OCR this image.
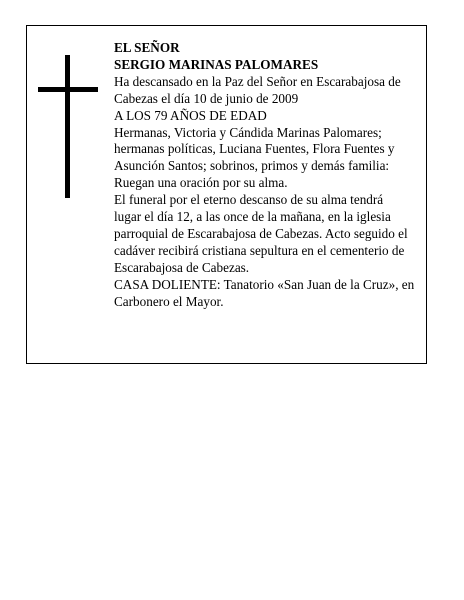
EL SEÑOR
SERGIO MARINAS PALOMARES
Ha descansado en la Paz del Señor en Escarabajosa de
Cabezas el día 10 de junio de 2009
A LOS 79 AÑOS DE EDAD
Hermanas, Victoria y Cándida Marinas Palomares;
hermanas políticas, Luciana Fuentes, Flora Fuentes y
Asunción Santos; sobrinos, primos y demás familia:
Ruegan una oración por su alma.
El funeral por el eterno descanso de su alma tendrá
lugar el día 12, a las once de la mañana, en la iglesia
parroquial de Escarabajosa de Cabezas. Acto seguido el
cadáver recibirá cristiana sepultura en el cementerio de
Escarabajosa de Cabezas.
CASA DOLIENTE: Tanatorio «San Juan de la Cruz», en
Carbonero el Mayor.
